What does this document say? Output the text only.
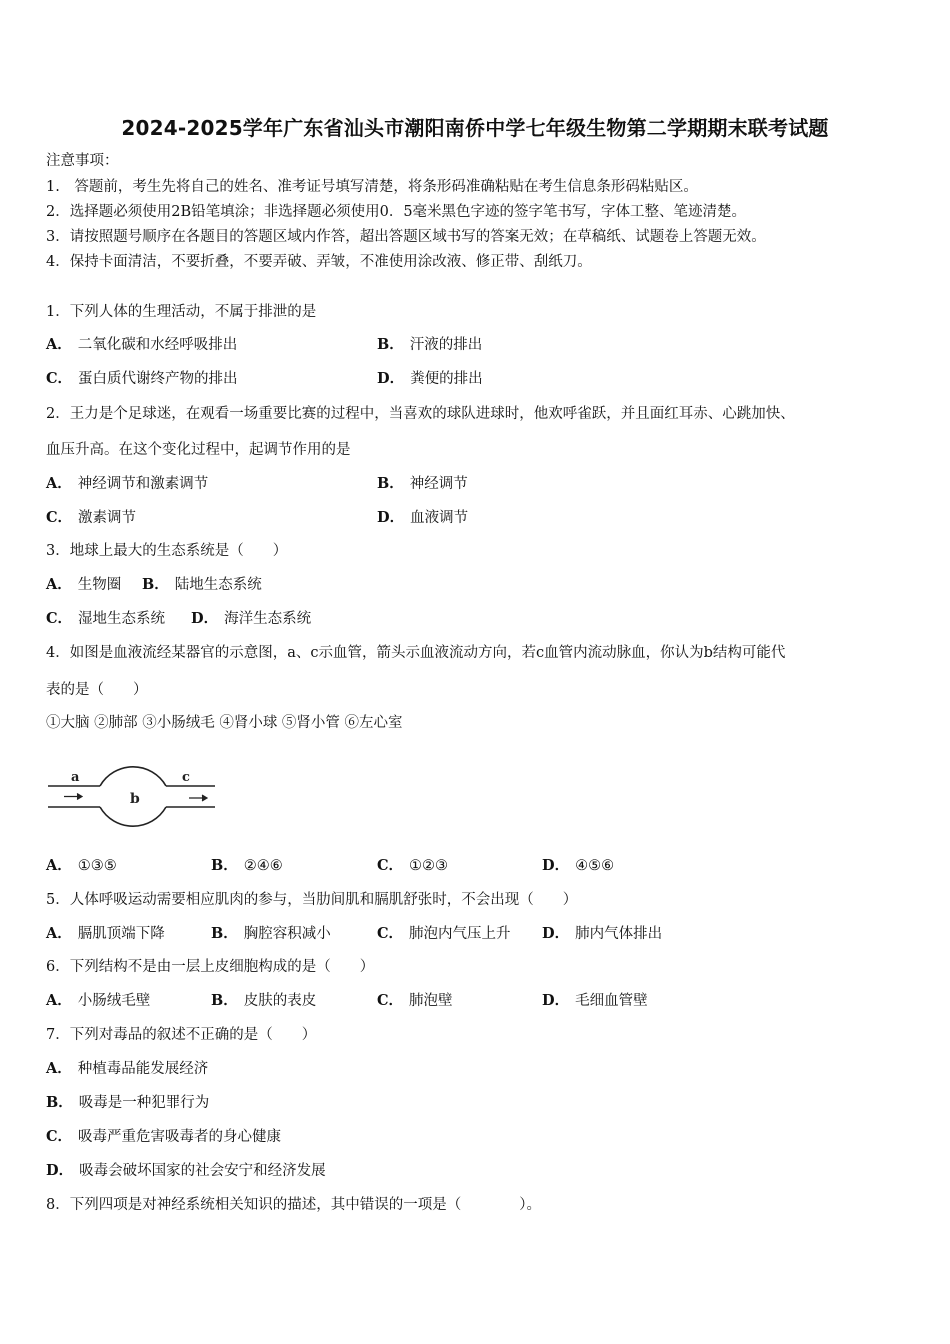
2024-2025学年广东省汕头市潮阳南侨中学七年级生物第二学期期末联考试题
注意事项：
1.　答题前，考生先将自己的姓名、准考证号填写清楚，将条形码准确粘贴在考生信息条形码粘贴区。
2．选择题必须使用2B铅笔填涂；非选择题必须使用0．5毫米黑色字迹的签字笔书写，字体工整、笔迹清楚。
3．请按照题号顺序在各题目的答题区域内作答，超出答题区域书写的答案无效；在草稿纸、试题卷上答题无效。
4．保持卡面清洁，不要折叠，不要弄破、弄皱，不准使用涂改液、修正带、刮纸刀。
1．下列人体的生理活动，不属于排泄的是
A． 二氧化碳和水经呼吸排出	B． 汗液的排出
C． 蛋白质代谢终产物的排出	D． 粪便的排出
2．王力是个足球迷，在观看一场重要比赛的过程中，当喜欢的球队进球时，他欢呼雀跃，并且面红耳赤、心跳加快、
血压升高。在这个变化过程中，起调节作用的是
A． 神经调节和激素调节	B． 神经调节
C． 激素调节	D． 血液调节
3．地球上最大的生态系统是（　　）
A． 生物圈 B． 陆地生态系统
C． 湿地生态系统 D． 海洋生态系统
4．如图是血液流经某器官的示意图，a、c示血管，箭头示血液流动方向，若c血管内流动脉血，你认为b结构可能代
表的是（　　）
①大脑 ②肺部 ③小肠绒毛 ④肾小球 ⑤肾小管 ⑥左心室
a
b
c
A． ①③⑤	B． ②④⑥	C． ①②③	D． ④⑤⑥
5．人体呼吸运动需要相应肌肉的参与，当肋间肌和膈肌舒张时，不会出现（　　）
A． 膈肌顶端下降	B． 胸腔容积减小	C． 肺泡内气压上升 D． 肺内气体排出
6．下列结构不是由一层上皮细胞构成的是（　　）
A． 小肠绒毛壁	B． 皮肤的表皮	C． 肺泡壁	D． 毛细血管壁
7．下列对毒品的叙述不正确的是（　　）
A． 种植毒品能发展经济
B． 吸毒是一种犯罪行为
C． 吸毒严重危害吸毒者的身心健康
D． 吸毒会破坏国家的社会安宁和经济发展
8．下列四项是对神经系统相关知识的描述，其中错误的一项是（　　　　）。
